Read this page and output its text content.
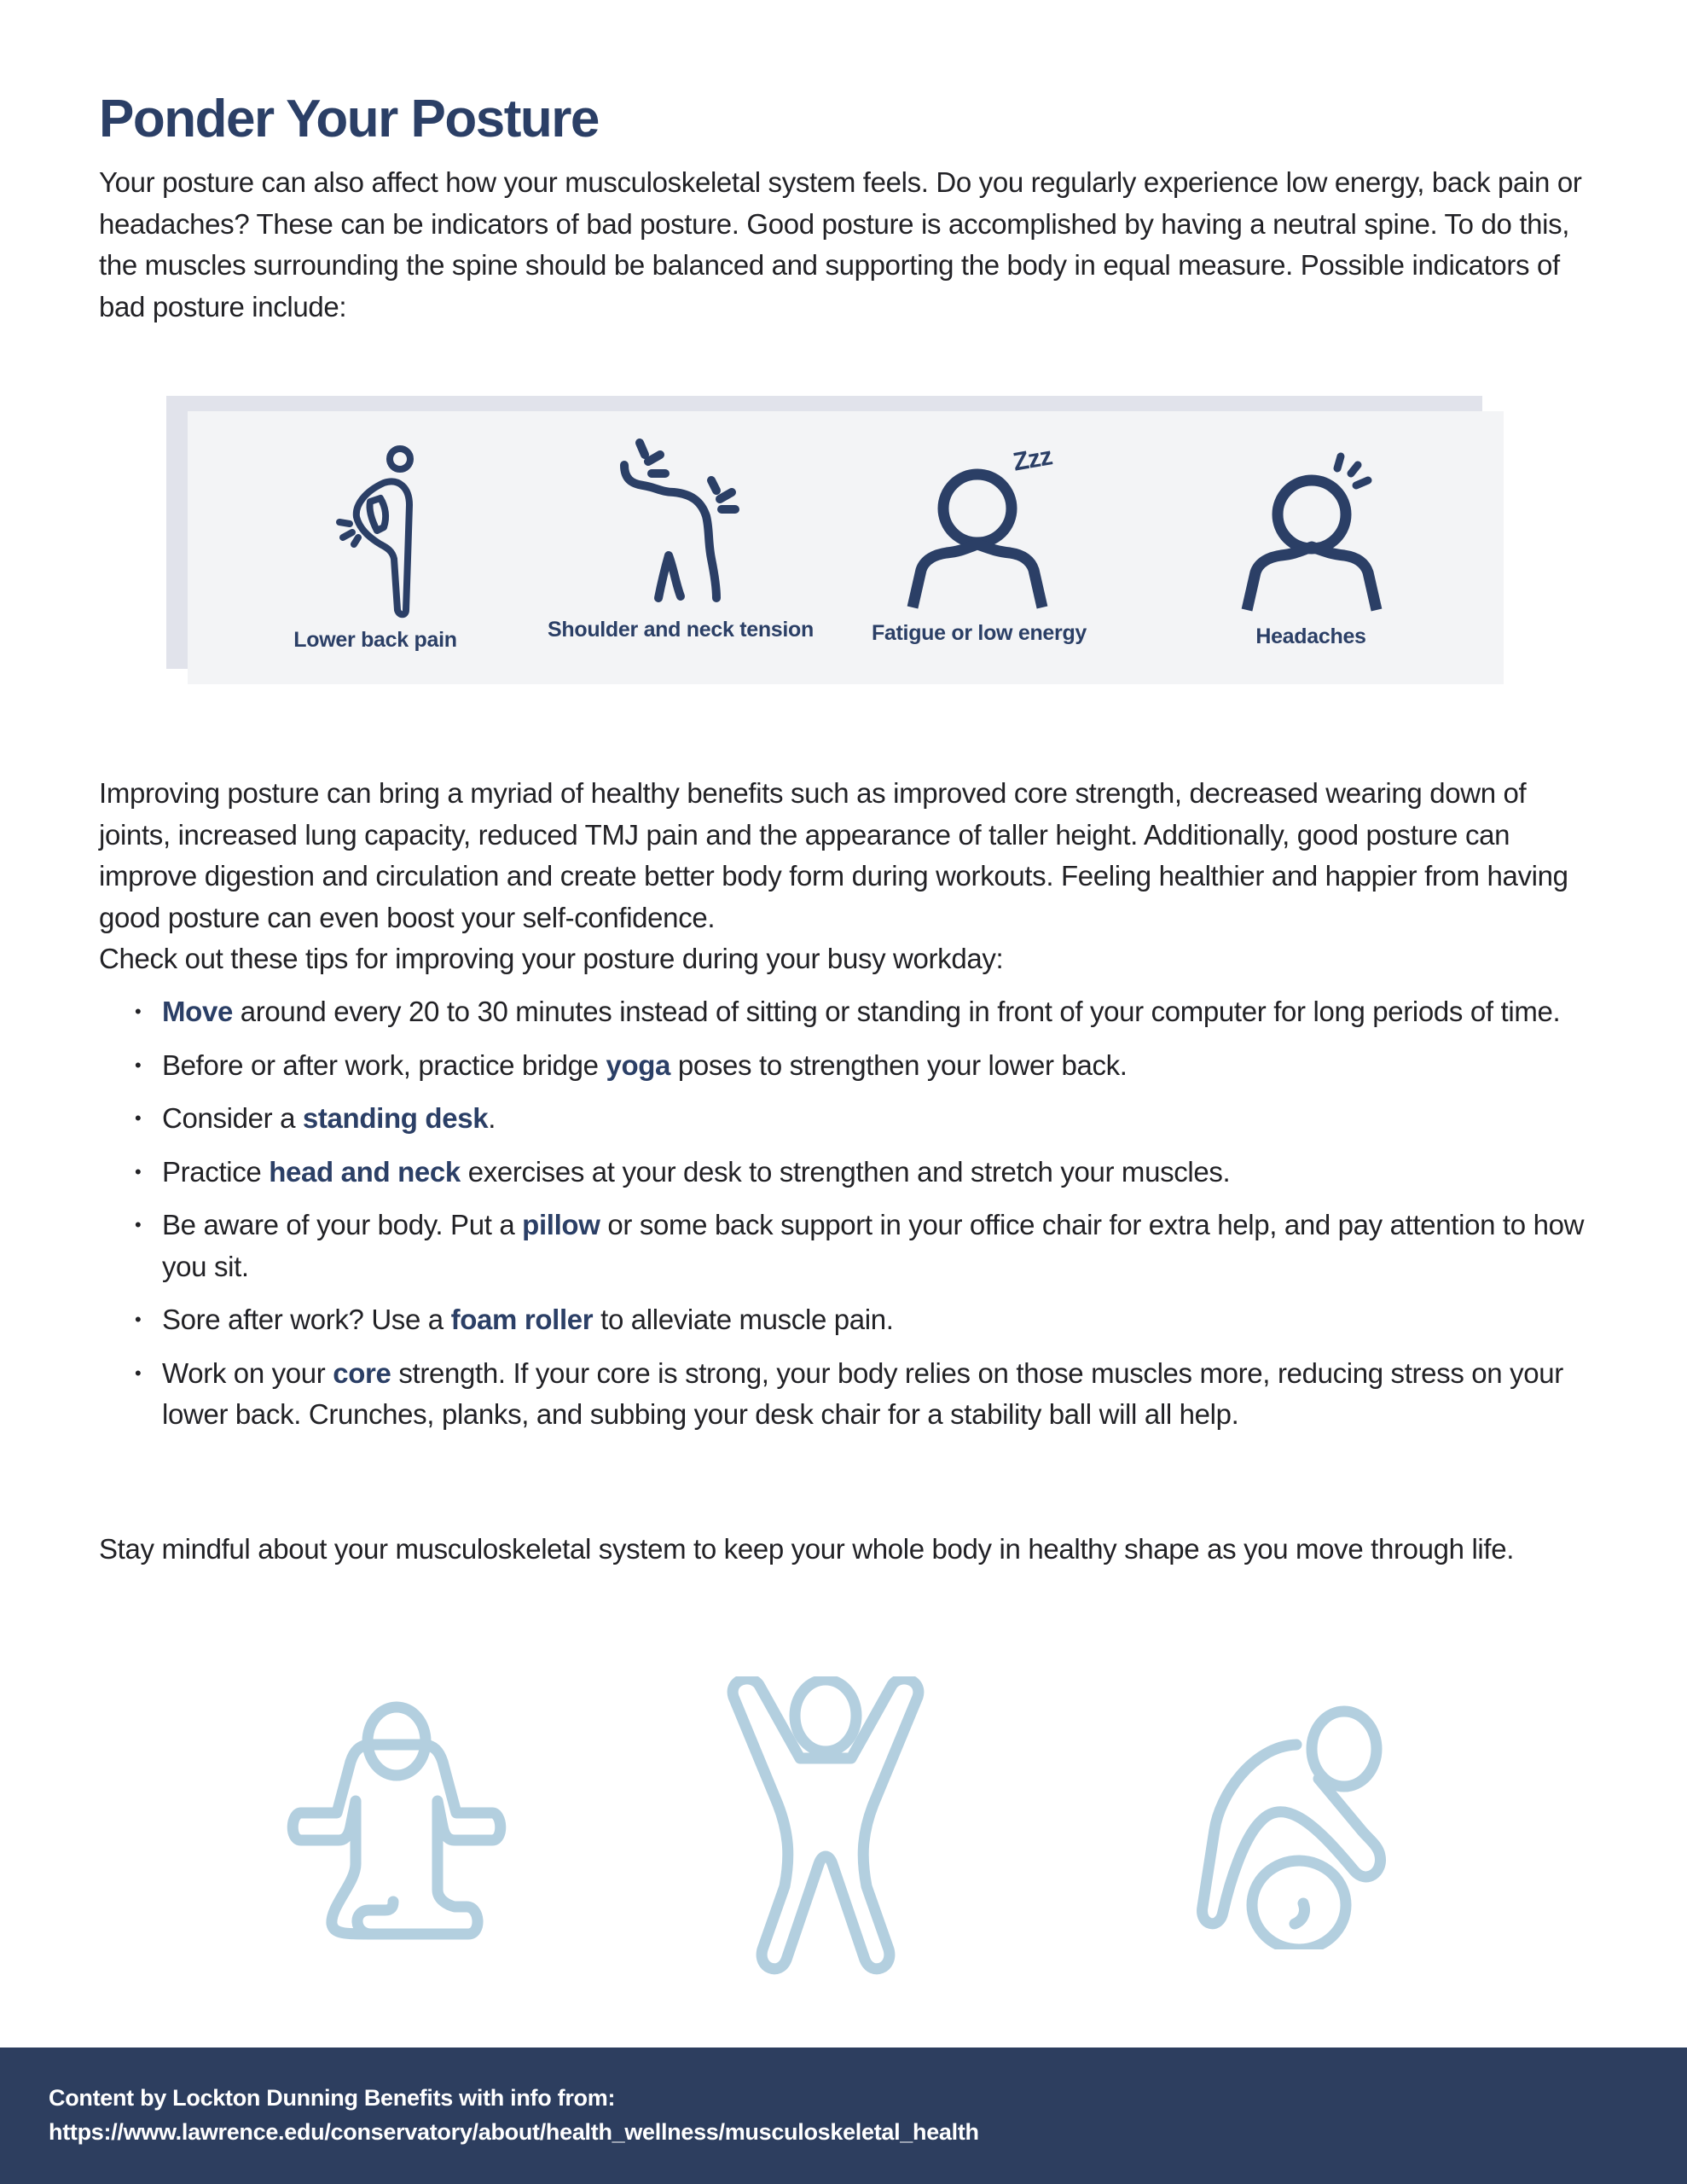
Ponder Your Posture

Your posture can also affect how your musculoskeletal system feels. Do you regularly experience low energy, back pain or headaches? These can be indicators of bad posture. Good posture is accomplished by having a neutral spine. To do this, the muscles surrounding the spine should be balanced and supporting the body in equal measure. Possible indicators of bad posture include:

Lower back pain	Shoulder and neck tension
Zzz
Fatigue or low energy	Headaches

Improving posture can bring a myriad of healthy benefits such as improved core strength, decreased wearing down of joints, increased lung capacity, reduced TMJ pain and the appearance of taller height. Additionally, good posture can improve digestion and circulation and create better body form during workouts. Feeling healthier and happier from having good posture can even boost your self-confidence.
Check out these tips for improving your posture during your busy workday:

• Move around every 20 to 30 minutes instead of sitting or standing in front of your computer for long periods of time.
• Before or after work, practice bridge yoga poses to strengthen your lower back.
• Consider a standing desk.
• Practice head and neck exercises at your desk to strengthen and stretch your muscles.
• Be aware of your body. Put a pillow or some back support in your office chair for extra help, and pay attention to how you sit.
• Sore after work? Use a foam roller to alleviate muscle pain.
• Work on your core strength. If your core is strong, your body relies on those muscles more, reducing stress on your lower back. Crunches, planks, and subbing your desk chair for a stability ball will all help.

Stay mindful about your musculoskeletal system to keep your whole body in healthy shape as you move through life.

Content by Lockton Dunning Benefits with info from:

https://www.lawrence.edu/conservatory/about/health_wellness/musculoskeletal_health
